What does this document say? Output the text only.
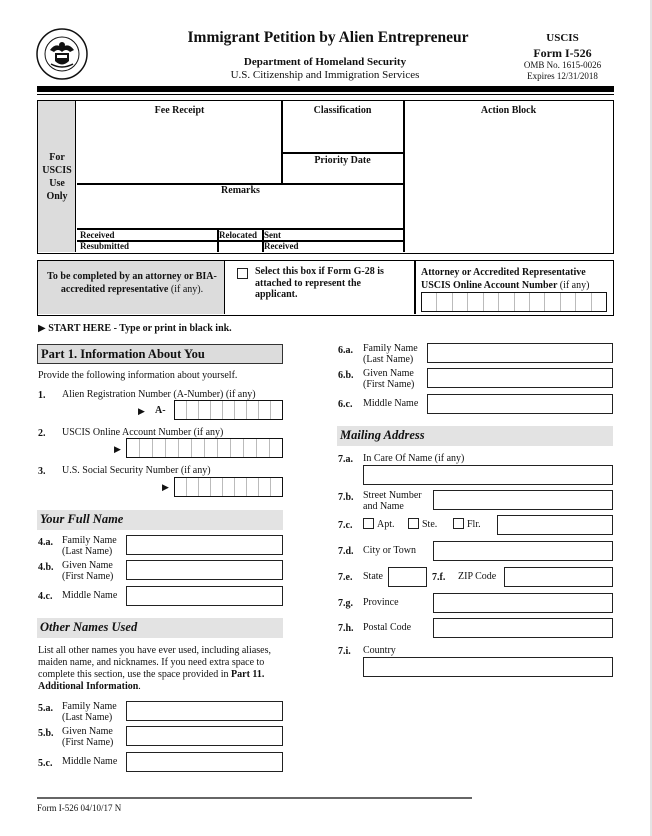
Immigrant Petition by Alien Entrepreneur
Department of Homeland Security
U.S. Citizenship and Immigration Services
USCIS
Form I-526
OMB No. 1615-0026
Expires 12/31/2018
For
USCIS
Use
Only
Fee Receipt	Classification
Priority Date
Action Block
Remarks
Received
Resubmitted
Relocated Sent
Received
To be completed by an attorney or BIA-accredited representative (if any).
Select this box if Form G-28 is attached to represent the applicant.
Attorney or Accredited Representative USCIS Online Account Number (if any)
▶ START HERE - Type or print in black ink.
Part 1. Information About You
Provide the following information about yourself.
1. Alien Registration Number (A-Number) (if any)
▶ A-
2. USCIS Online Account Number (if any)
▶
3. U.S. Social Security Number (if any)
▶
Your Full Name
4.a. Family Name
(Last Name)
4.b. Given Name
(First Name)
4.c. Middle Name
Other Names Used
List all other names you have ever used, including aliases,
maiden name, and nicknames. If you need extra space to
complete this section, use the space provided in Part 11.
Additional Information.
5.a. Family Name
(Last Name)
5.b. Given Name
(First Name)
5.c. Middle Name
6.a. Family Name
(Last Name)
6.b. Given Name
(First Name)
6.c. Middle Name
Mailing Address
7.a. In Care Of Name (if any)
7.b. Street Number
and Name
7.c. Apt.	Ste.	Flr.
7.d. City or Town
7.e. State	7.f. ZIP Code
7.g. Province
7.h. Postal Code
7.i. Country
Form I-526 04/10/17 N
